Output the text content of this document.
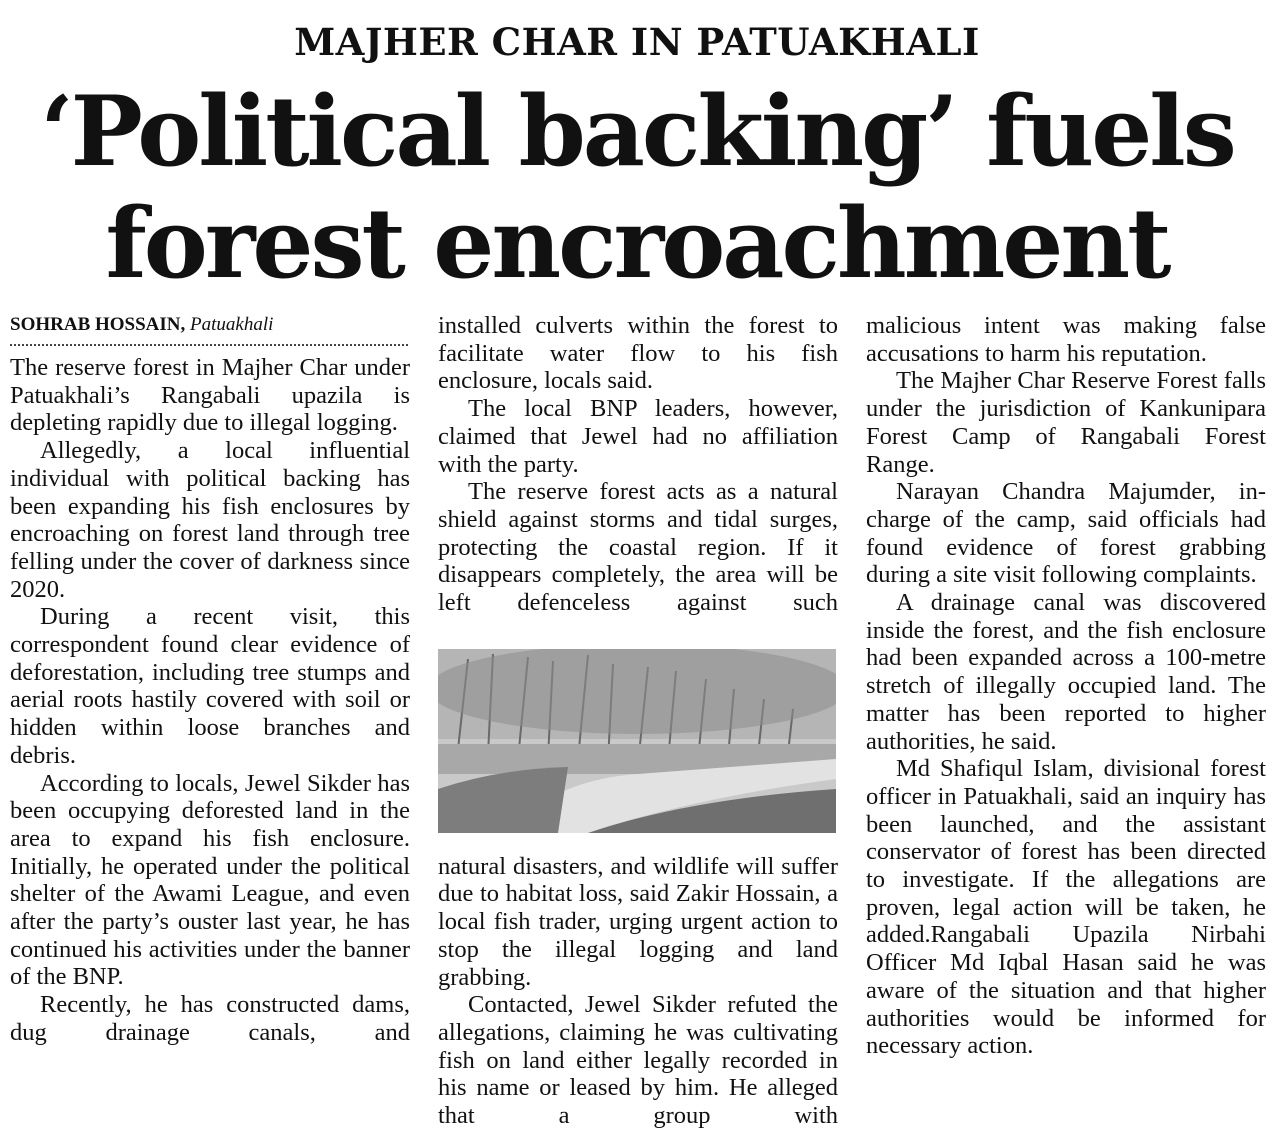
MAJHER CHAR IN PATUAKHALI
‘Political backing’ fuels
forest encroachment
SOHRAB HOSSAIN, Patuakhali

The reserve forest in Majher Char under Patuakhali’s Rangabali upazila is depleting rapidly due to illegal logging.

Allegedly, a local influential individual with political backing has been expanding his fish enclosures by encroaching on forest land through tree felling under the cover of darkness since 2020.

During a recent visit, this correspondent found clear evidence of deforestation, including tree stumps and aerial roots hastily covered with soil or hidden within loose branches and debris.

According to locals, Jewel Sikder has been occupying deforested land in the area to expand his fish enclosure. Initially, he operated under the political shelter of the Awami League, and even after the party’s ouster last year, he has continued his activities under the banner of the BNP.

Recently, he has constructed dams, dug drainage canals, and

installed culverts within the forest to facilitate water flow to his fish enclosure, locals said.

The local BNP leaders, however, claimed that Jewel had no affiliation with the party.

The reserve forest acts as a natural shield against storms and tidal surges, protecting the coastal region. If it disappears completely, the area will be left defenceless against such

natural disasters, and wildlife will suffer due to habitat loss, said Zakir Hossain, a local fish trader, urging urgent action to stop the illegal logging and land grabbing.

Contacted, Jewel Sikder refuted the allegations, claiming he was cultivating fish on land either legally recorded in his name or leased by him. He alleged that a group with

malicious intent was making false accusations to harm his reputation.

The Majher Char Reserve Forest falls under the jurisdiction of Kankunipara Forest Camp of Rangabali Forest Range.

Narayan Chandra Majumder, in-charge of the camp, said officials had found evidence of forest grabbing during a site visit following complaints.

A drainage canal was discovered inside the forest, and the fish enclosure had been expanded across a 100-metre stretch of illegally occupied land. The matter has been reported to higher authorities, he said.

Md Shafiqul Islam, divisional forest officer in Patuakhali, said an inquiry has been launched, and the assistant conservator of forest has been directed to investigate. If the allegations are proven, legal action will be taken, he added.Rangabali Upazila Nirbahi Officer Md Iqbal Hasan said he was aware of the situation and that higher authorities would be informed for necessary action.
